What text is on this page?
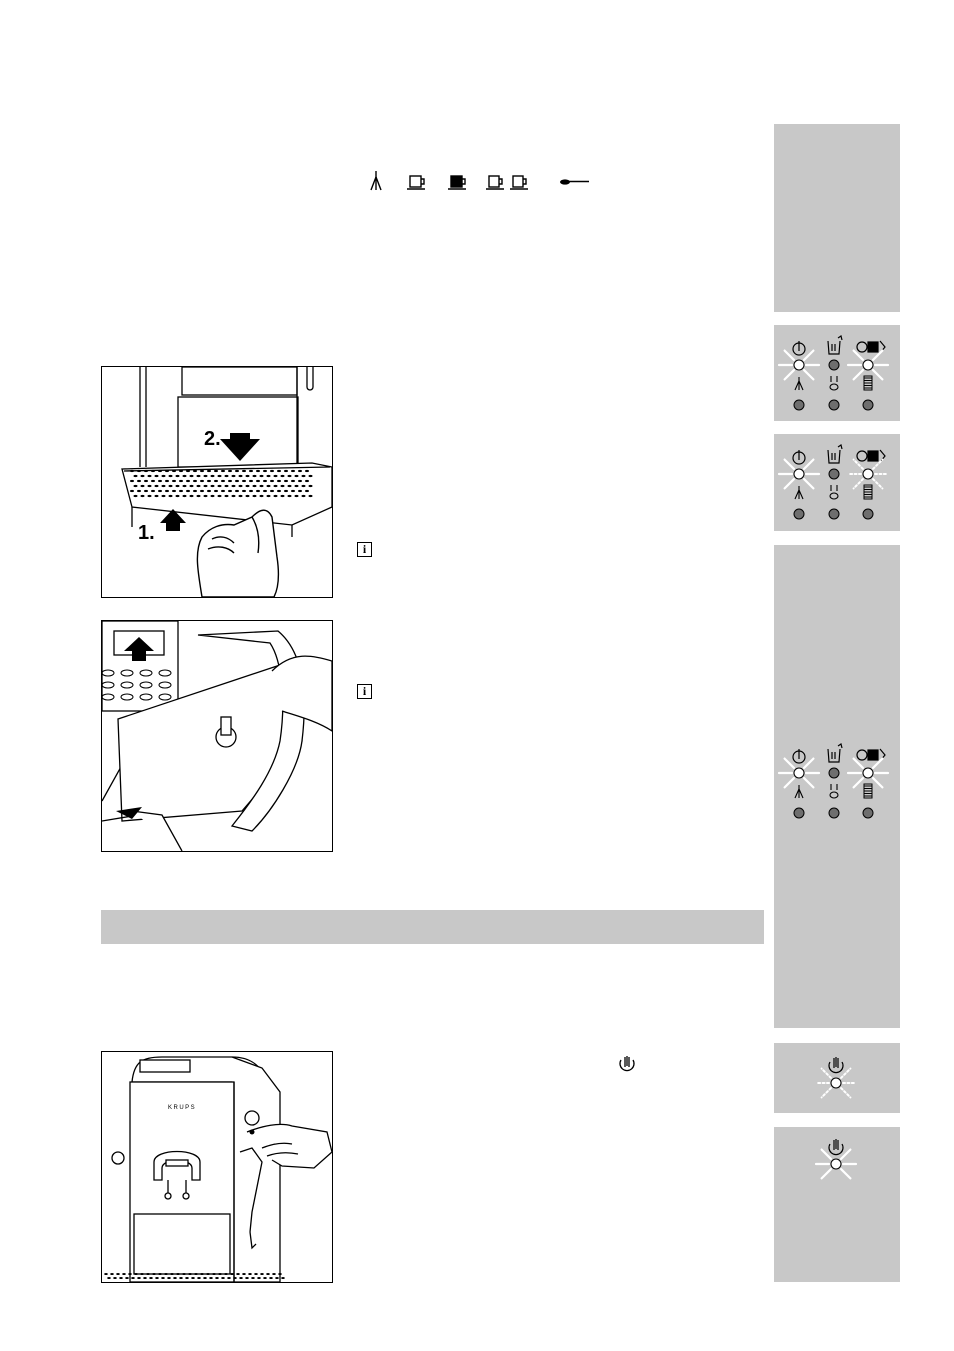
2.
1.
i
i
KRUPS
